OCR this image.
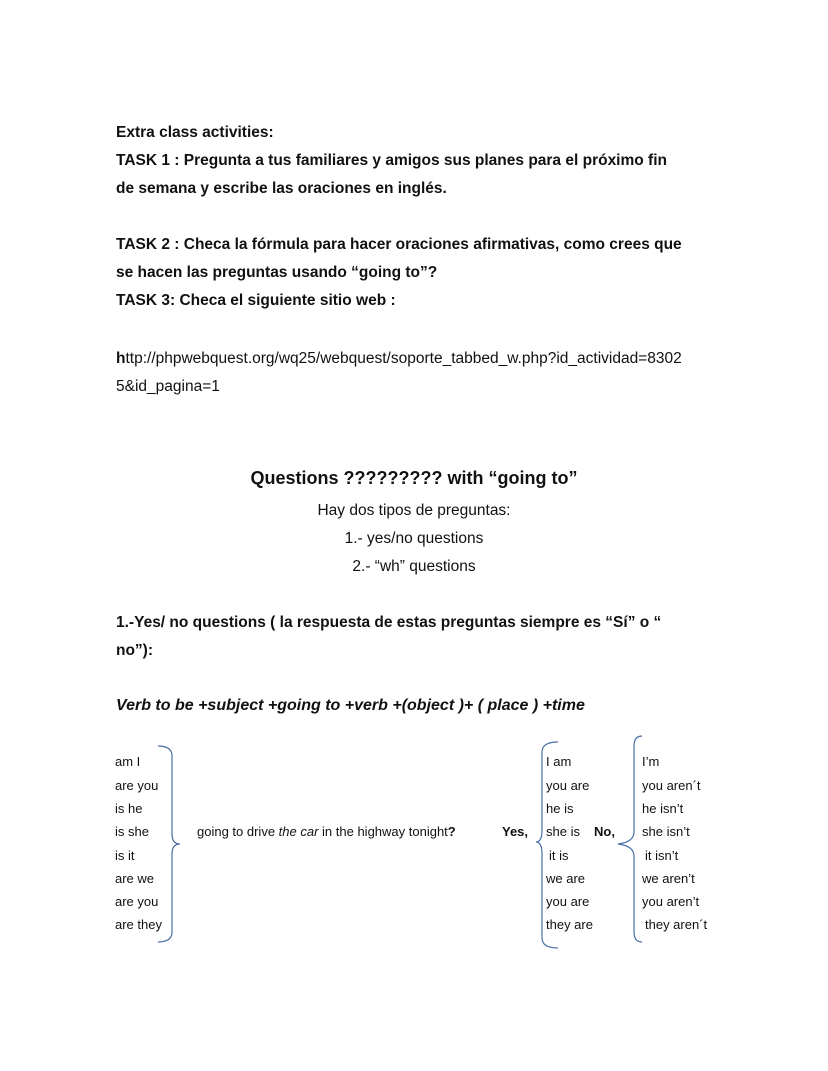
Extra class activities:
TASK 1 : Pregunta a tus familiares y amigos sus planes para el próximo fin
de semana y escribe las oraciones en inglés.
TASK 2 : Checa la fórmula para hacer oraciones afirmativas, como crees que
se hacen las preguntas usando “going to”?
TASK 3: Checa el siguiente sitio web :
http://phpwebquest.org/wq25/webquest/soporte_tabbed_w.php?id_actividad=8302
5&id_pagina=1
Questions ????????? with “going to”
Hay dos tipos de preguntas:
1.- yes/no questions
2.- “wh” questions
1.-Yes/ no questions ( la respuesta de estas preguntas siempre es “Sí” o “
no”):
Verb to be +subject +going to +verb +(object )+ ( place ) +time
am I
are you
is he
is she
is it
are we
are you
are they
going to drive the car in the highway tonight?	Yes,
I am
you are
he is
she is
it is
we are
you are
they are
No,
I’m
you aren´t
he isn’t
she isn’t
it isn’t
we aren’t
you aren’t
they aren´t
